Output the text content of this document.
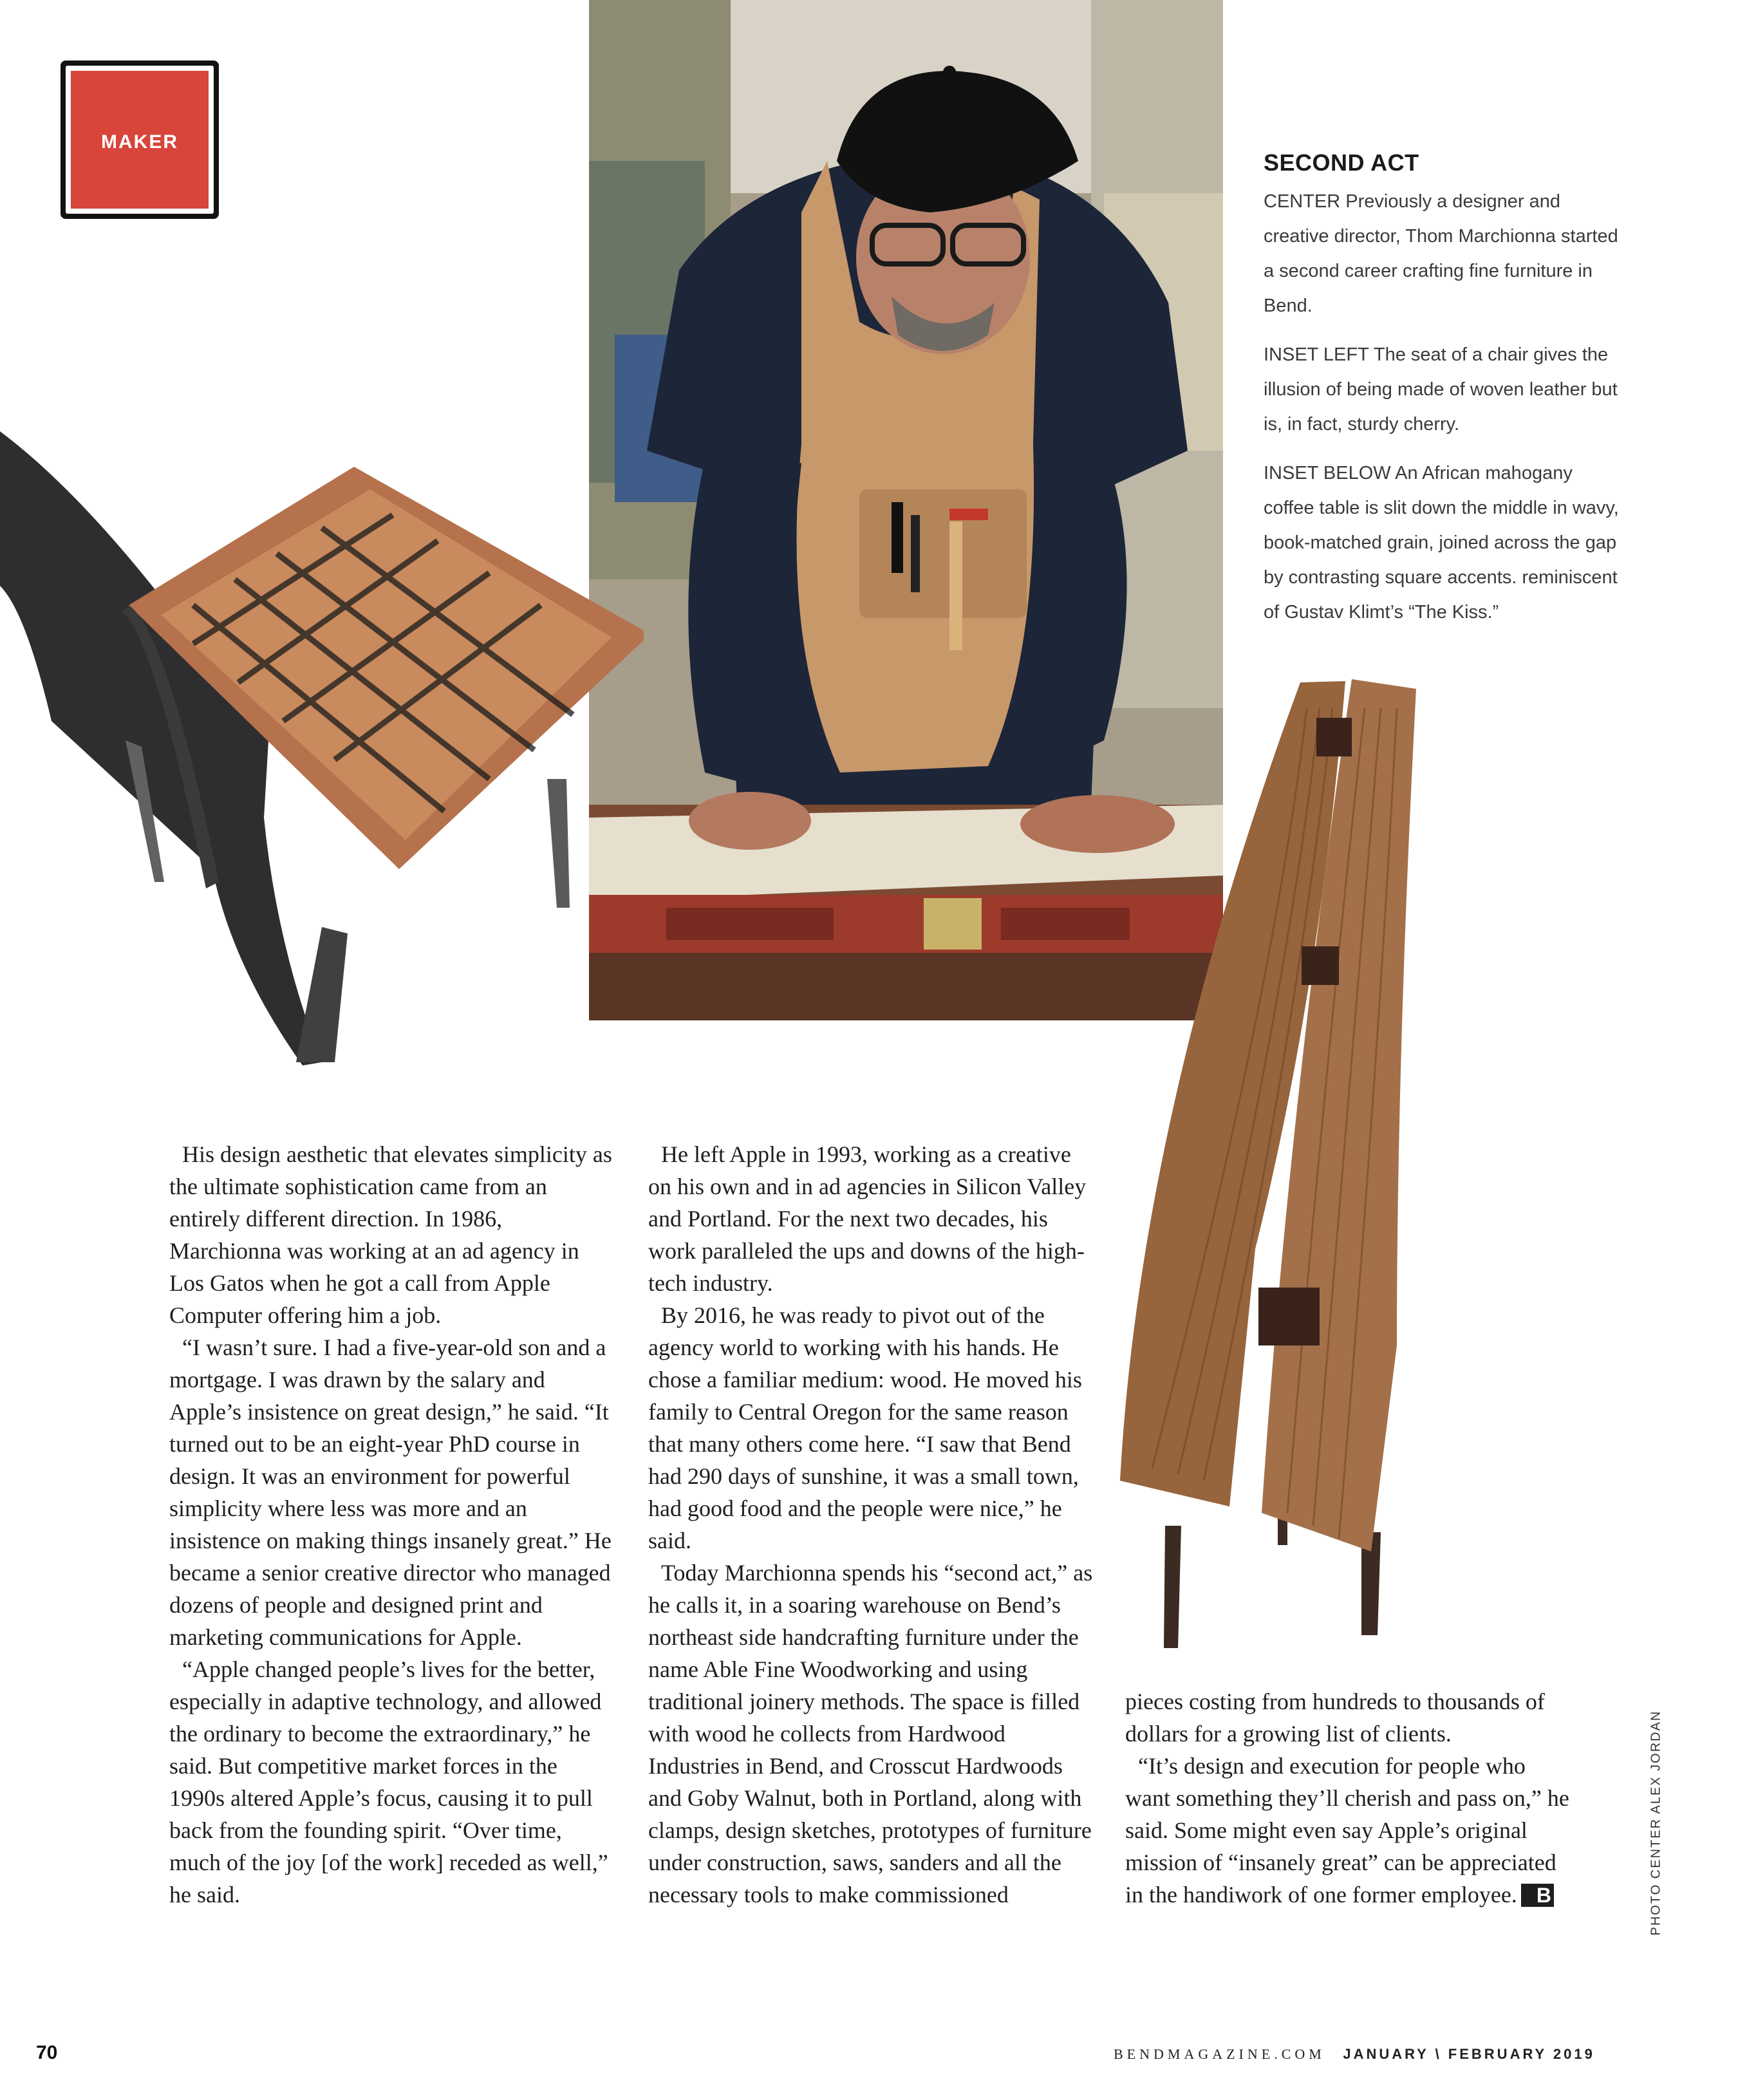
MAKER
SECOND ACT

CENTER Previously a designer and creative director, Thom Marchionna started a second career crafting fine furniture in Bend.

INSET LEFT The seat of a chair gives the illusion of being made of woven leather but is, in fact, sturdy cherry.

INSET BELOW An African mahogany coffee table is slit down the middle in wavy, book-matched grain, joined across the gap by contrasting square accents. reminiscent of Gustav Klimt’s “The Kiss.”

His design aesthetic that elevates simplicity as the ultimate sophistication came from an entirely different direction. In 1986, Marchionna was working at an ad agency in Los Gatos when he got a call from Apple Computer offering him a job.

“I wasn’t sure. I had a five-year-old son and a mortgage. I was drawn by the salary and Apple’s insistence on great design,” he said. “It turned out to be an eight-year PhD course in design. It was an environment for powerful simplicity where less was more and an insistence on making things insanely great.” He became a senior creative director who managed dozens of people and designed print and marketing communications for Apple.

“Apple changed people’s lives for the better, especially in adaptive technology, and allowed the ordinary to become the extraordinary,” he said. But competitive market forces in the 1990s altered Apple’s focus, causing it to pull back from the founding spirit. “Over time, much of the joy [of the work] receded as well,” he said.

He left Apple in 1993, working as a creative on his own and in ad agencies in Silicon Valley and Portland. For the next two decades, his work paralleled the ups and downs of the high-tech industry.

By 2016, he was ready to pivot out of the agency world to working with his hands. He chose a familiar medium: wood. He moved his family to Central Oregon for the same reason that many others come here. “I saw that Bend had 290 days of sunshine, it was a small town, had good food and the people were nice,” he said.

Today Marchionna spends his “second act,” as he calls it, in a soaring warehouse on Bend’s northeast side handcrafting furniture under the name Able Fine Woodworking and using traditional joinery methods. The space is filled with wood he collects from Hardwood Industries in Bend, and Crosscut Hardwoods and Goby Walnut, both in Portland, along with clamps, design sketches, prototypes of furniture under construction, saws, sanders and all the necessary tools to make commissioned

pieces costing from hundreds to thousands of dollars for a growing list of clients.

“It’s design and execution for people who want something they’ll cherish and pass on,” he said. Some might even say Apple’s original mission of “insanely great” can be appreciated in the handiwork of one former employee. B	PHOTO CENTER ALEX JORDAN
70	BENDMAGAZINE.COM JANUARY \ FEBRUARY 2019
